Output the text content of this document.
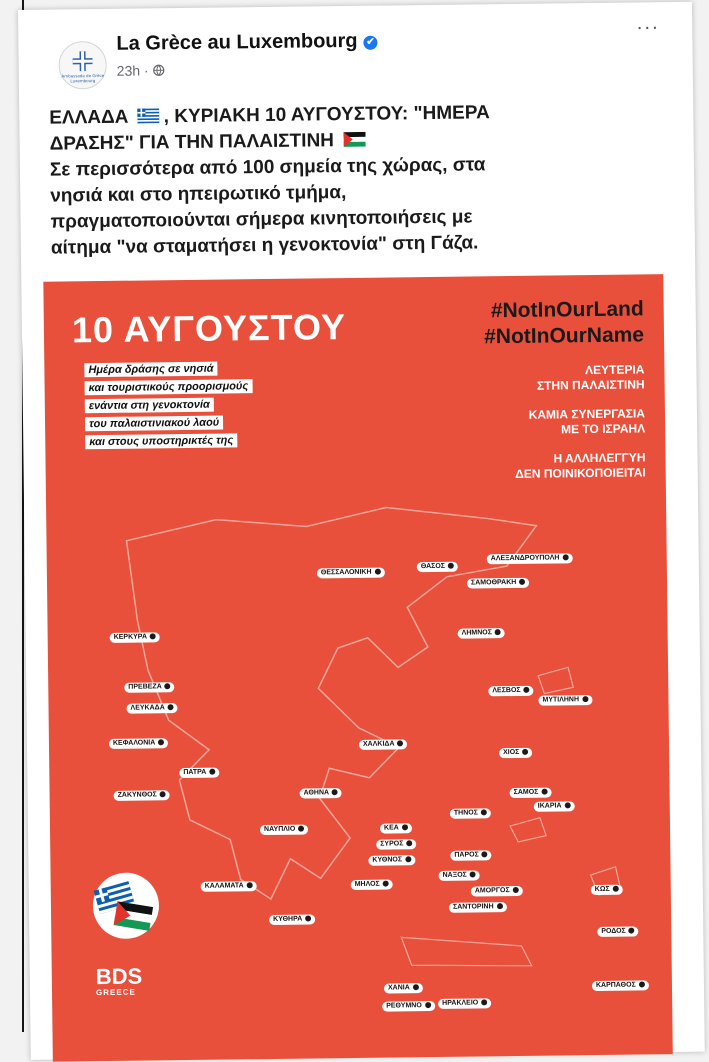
Ambassade de Grèce Luxembourg
La Grèce au Luxembourg ✔
23h ·
···
ΕΛΛΑΔΑ , ΚΥΡΙΑΚΗ 10 ΑΥΓΟΥΣΤΟΥ: "ΗΜΕΡΑ
ΔΡΑΣΗΣ" ΓΙΑ ΤΗΝ ΠΑΛΑΙΣΤΙΝΗ
Σε περισσότερα από 100 σημεία της χώρας, στα
νησιά και στο ηπειρωτικό τμήμα,
πραγματοποιούνται σήμερα κινητοποιήσεις με
αίτημα "να σταματήσει η γενοκτονία" στη Γάζα.
10 ΑΥΓΟΥΣΤΟΥ
Ημέρα δράσης σε νησιά
και τουριστικούς προορισμούς
ενάντια στη γενοκτονία
του παλαιστινιακού λαού
και στους υποστηρικτές της
#NotInOurLand
#NotInOurName
ΛΕΥΤΕΡΙΑ
ΣΤΗΝ ΠΑΛΑΙΣΤΙΝΗ
ΚΑΜΙΑ ΣΥΝΕΡΓΑΣΙΑ
ΜΕ ΤΟ ΙΣΡΑΗΛ
Η ΑΛΛΗΛΕΓΓΥΗ
ΔΕΝ ΠΟΙΝΙΚΟΠΟΙΕΙΤΑΙ
ΑΛΕΞΑΝΔΡΟΥΠΟΛΗ
ΘΑΣΟΣ
ΘΕΣΣΑΛΟΝΙΚΗ
ΣΑΜΟΘΡΑΚΗ
ΚΕΡΚΥΡΑ
ΛΗΜΝΟΣ
ΛΕΣΒΟΣ
ΜΥΤΙΛΗΝΗ
ΠΡΕΒΕΖΑ
ΛΕΥΚΑΔΑ
ΚΕΦΑΛΟΝΙΑ	ΧΑΛΚΙΔΑ
ΧΙΟΣ
ΠΑΤΡΑ
ΖΑΚΥΝΘΟΣ	ΑΘΗΝΑ	ΣΑΜΟΣ
ΙΚΑΡΙΑ
ΝΑΥΠΛΙΟ	ΚΕΑ
ΤΗΝΟΣ
ΣΥΡΟΣ
ΚΥΘΝΟΣ
ΠΑΡΟΣ
ΝΑΞΟΣ
ΚΑΛΑΜΑΤΑ	ΜΗΛΟΣ
ΑΜΟΡΓΟΣ	ΚΩΣ
ΣΑΝΤΟΡΙΝΗ
ΡΟΔΟΣ
ΚΥΘΗΡΑ
ΧΑΝΙΑ
ΡΕΘΥΜΝΟ	ΗΡΑΚΛΕΙΟ
ΚΑΡΠΑΘΟΣ
BDS
GREECE
